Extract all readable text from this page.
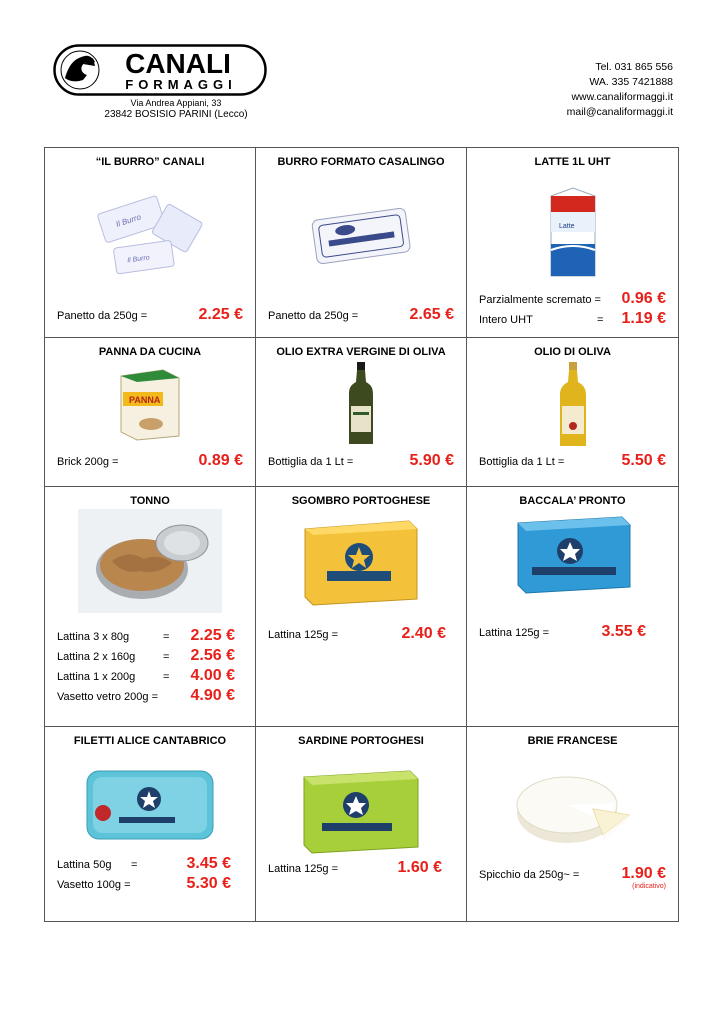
CANALI
FORMAGGI
Via Andrea Appiani, 33
23842 BOSISIO PARINI (Lecco)
Tel. 031 865 556
WA. 335 7421888
www.canaliformaggi.it
mail@canaliformaggi.it
“IL BURRO” CANALI
Il Burro
Il Burro
Panetto da 250g =	2.25 €
BURRO FORMATO CASALINGO
Panetto da 250g =	2.65 €
LATTE 1L UHT
Latte
Parzialmente scremato = 0.96 €
Intero UHT	= 1.19 €
PANNA DA CUCINA
PANNA
Brick 200g =	0.89 €
OLIO EXTRA VERGINE DI OLIVA
Bottiglia da 1 Lt =	5.90 €
OLIO DI OLIVA
Bottiglia da 1 Lt =	5.50 €
TONNO
Lattina 3 x 80g	= 2.25 €
Lattina 2 x 160g	= 2.56 €
Lattina 1 x 200g	= 4.00 €
Vasetto vetro 200g = 4.90 €
SGOMBRO PORTOGHESE
Lattina 125g =	2.40 €
BACCALA’ PRONTO
Lattina 125g =	3.55 €
FILETTI ALICE CANTABRICO
Lattina 50g =	3.45 €
Vasetto 100g =	5.30 €
SARDINE PORTOGHESI
Lattina 125g =	1.60 €
BRIE FRANCESE
Spicchio da 250g~ =	1.90 €
(indicativo)
